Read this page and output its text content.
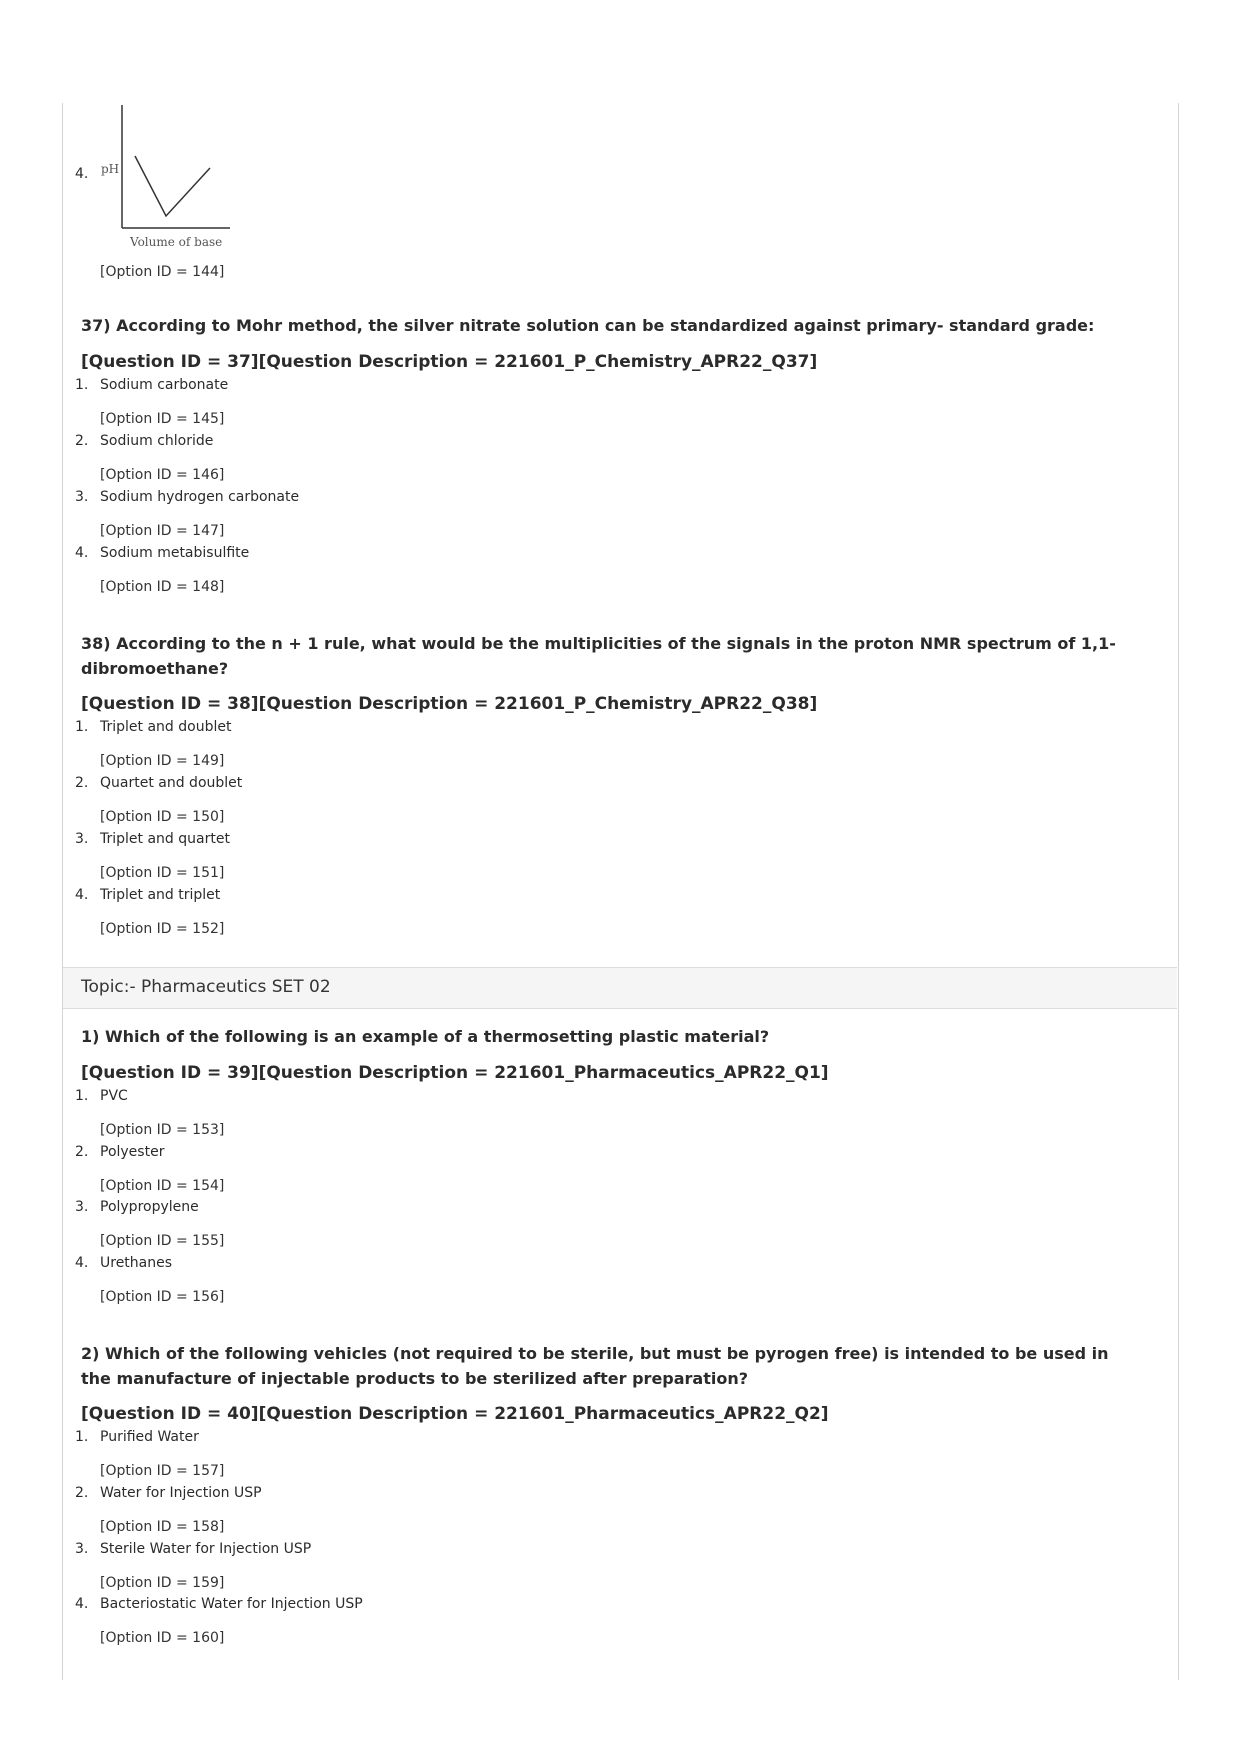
4. pH
Volume of base
[Option ID = 144]
37) According to Mohr method, the silver nitrate solution can be standardized against primary- standard grade:
[Question ID = 37][Question Description = 221601_P_Chemistry_APR22_Q37]
1. Sodium carbonate
[Option ID = 145]
2. Sodium chloride
[Option ID = 146]
3. Sodium hydrogen carbonate
[Option ID = 147]
4. Sodium metabisulfite
[Option ID = 148]
38) According to the n + 1 rule, what would be the multiplicities of the signals in the proton NMR spectrum of 1,1-dibromoethane?
[Question ID = 38][Question Description = 221601_P_Chemistry_APR22_Q38]
1. Triplet and doublet
[Option ID = 149]
2. Quartet and doublet
[Option ID = 150]
3. Triplet and quartet
[Option ID = 151]
4. Triplet and triplet
[Option ID = 152]
Topic:- Pharmaceutics SET 02
1) Which of the following is an example of a thermosetting plastic material?
[Question ID = 39][Question Description = 221601_Pharmaceutics_APR22_Q1]
1. PVC
[Option ID = 153]
2. Polyester
[Option ID = 154]
3. Polypropylene
[Option ID = 155]
4. Urethanes
[Option ID = 156]
2) Which of the following vehicles (not required to be sterile, but must be pyrogen free) is intended to be used in the manufacture of injectable products to be sterilized after preparation?
[Question ID = 40][Question Description = 221601_Pharmaceutics_APR22_Q2]
1. Purified Water
[Option ID = 157]
2. Water for Injection USP
[Option ID = 158]
3. Sterile Water for Injection USP
[Option ID = 159]
4. Bacteriostatic Water for Injection USP
[Option ID = 160]
